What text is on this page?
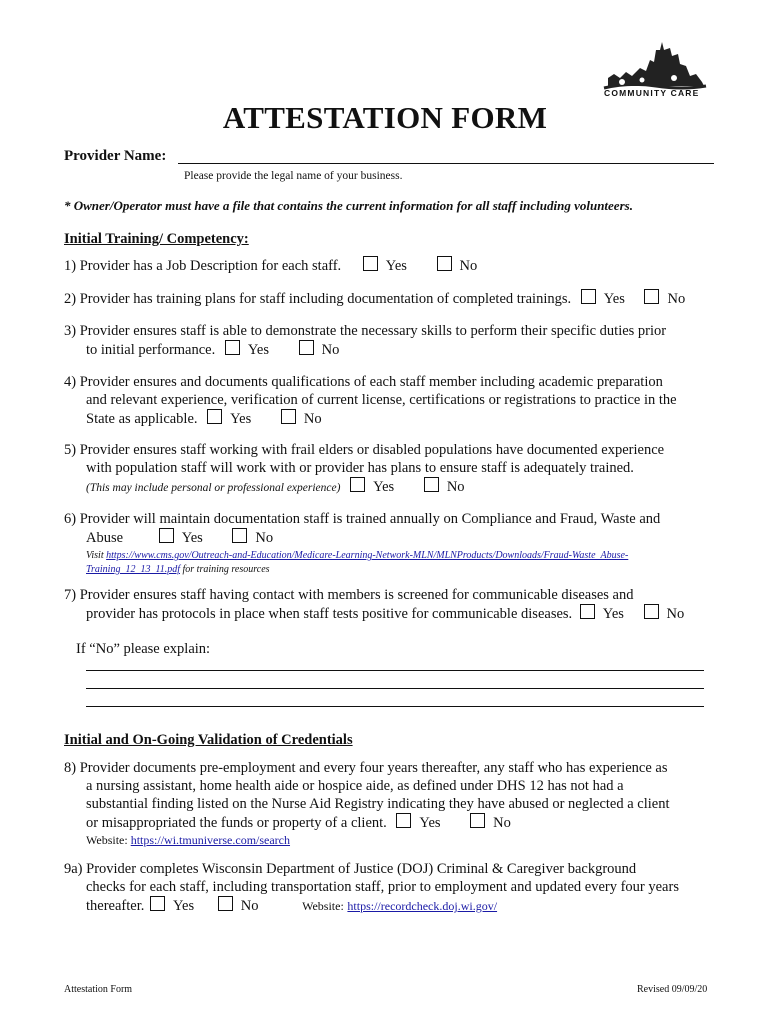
COMMUNITY CARE
ATTESTATION FORM
Provider Name:
Please provide the legal name of your business.
* Owner/Operator must have a file that contains the current information for all staff including volunteers.
Initial Training/ Competency:
1) Provider has a Job Description for each staff.	Yes	No
2) Provider has training plans for staff including documentation of completed trainings. Yes	No
3) Provider ensures staff is able to demonstrate the necessary skills to perform their specific duties prior
to initial performance. Yes	No
4) Provider ensures and documents qualifications of each staff member including academic preparation
and relevant experience, verification of current license, certifications or registrations to practice in the
State as applicable. Yes	No
5) Provider ensures staff working with frail elders or disabled populations have documented experience
with population staff will work with or provider has plans to ensure staff is adequately trained.
(This may include personal or professional experience) Yes	No
6) Provider will maintain documentation staff is trained annually on Compliance and Fraud, Waste and
Abuse	Yes	No
Visit https://www.cms.gov/Outreach-and-Education/Medicare-Learning-Network-MLN/MLNProducts/Downloads/Fraud-Waste_Abuse-
Training_12_13_11.pdf for training resources
7) Provider ensures staff having contact with members is screened for communicable diseases and
provider has protocols in place when staff tests positive for communicable diseases. Yes	No
If “No” please explain:
Initial and On-Going Validation of Credentials
8) Provider documents pre-employment and every four years thereafter, any staff who has experience as
a nursing assistant, home health aide or hospice aide, as defined under DHS 12 has not had a
substantial finding listed on the Nurse Aid Registry indicating they have abused or neglected a client
or misappropriated the funds or property of a client. Yes	No
Website: https://wi.tmuniverse.com/search
9a) Provider completes Wisconsin Department of Justice (DOJ) Criminal & Caregiver background
checks for each staff, including transportation staff, prior to employment and updated every four years
thereafter. Yes	No	Website: https://recordcheck.doj.wi.gov/
Attestation Form	Revised 09/09/20
